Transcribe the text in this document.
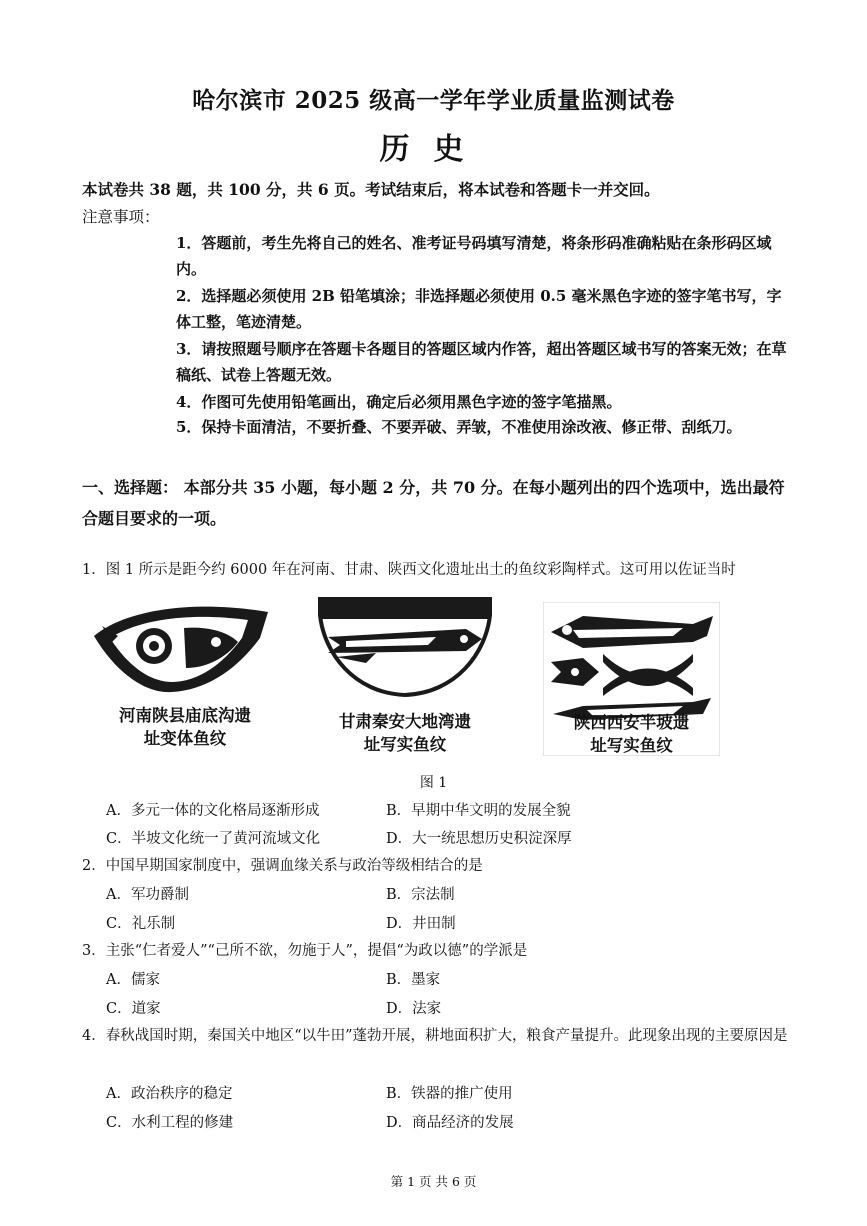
哈尔滨市 2025 级高一学年学业质量监测试卷
历史
本试卷共 38 题，共 100 分，共 6 页。考试结束后，将本试卷和答题卡一并交回。
注意事项：
1．答题前，考生先将自己的姓名、准考证号码填写清楚，将条形码准确粘贴在条形码区域内。
2．选择题必须使用 2B 铅笔填涂；非选择题必须使用 0.5 毫米黑色字迹的签字笔书写，字体工整，笔迹清楚。
3．请按照题号顺序在答题卡各题目的答题区域内作答，超出答题区域书写的答案无效；在草稿纸、试卷上答题无效。
4．作图可先使用铅笔画出，确定后必须用黑色字迹的签字笔描黑。
5．保持卡面清洁，不要折叠、不要弄破、弄皱，不准使用涂改液、修正带、刮纸刀。
一、选择题： 本部分共 35 小题，每小题 2 分，共 70 分。在每小题列出的四个选项中，选出最符合题目要求的一项。
1．图 1 所示是距今约 6000 年在河南、甘肃、陕西文化遗址出土的鱼纹彩陶样式。这可用以佐证当时
河南陕县庙底沟遗
址变体鱼纹
甘肃秦安大地湾遗
址写实鱼纹
陕西西安半坡遗
址写实鱼纹
图 1
A．多元一体的文化格局逐渐形成	B．早期中华文明的发展全貌
C．半坡文化统一了黄河流域文化	D．大一统思想历史积淀深厚
2．中国早期国家制度中，强调血缘关系与政治等级相结合的是
A．军功爵制	B．宗法制
C．礼乐制	D．井田制
3．主张“仁者爱人”“己所不欲，勿施于人”，提倡“为政以德”的学派是
A．儒家	B．墨家
C．道家	D．法家
4．春秋战国时期，秦国关中地区“以牛田”蓬勃开展，耕地面积扩大，粮食产量提升。此现象出现的主要原因是
A．政治秩序的稳定	B．铁器的推广使用
C．水利工程的修建	D．商品经济的发展
第 1 页 共 6 页
